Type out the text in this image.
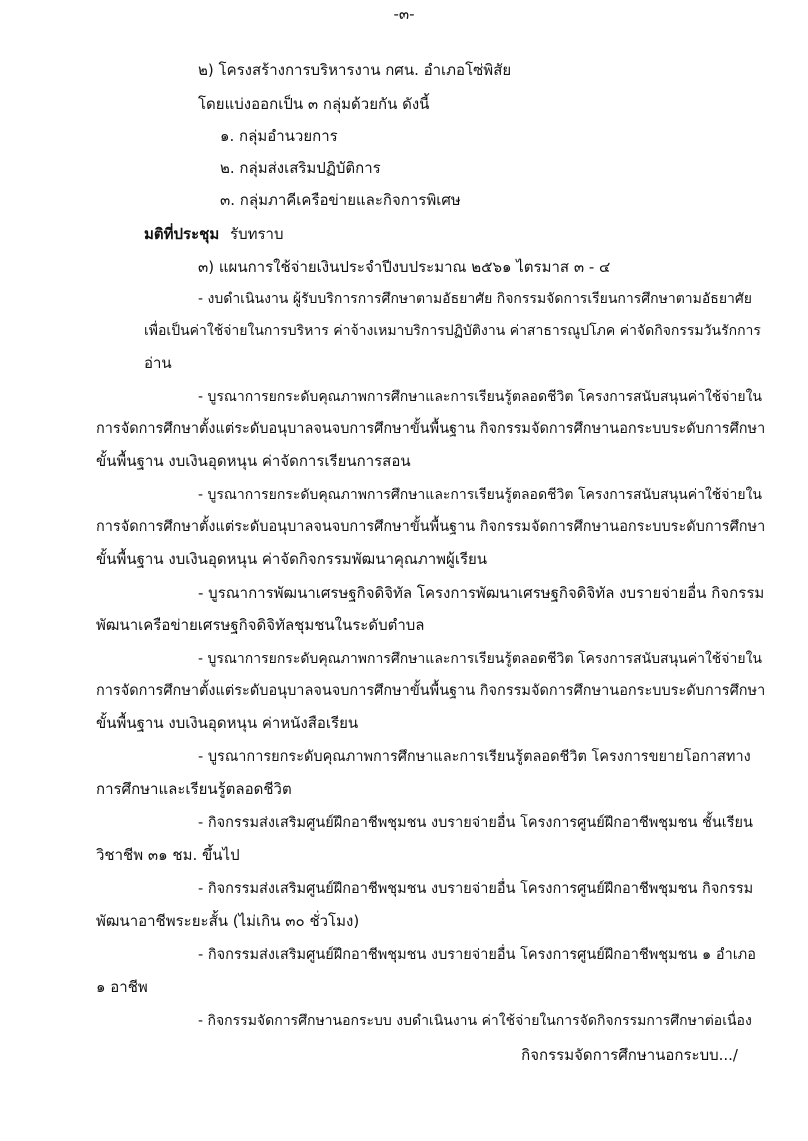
-๓-
๒) โครงสร้างการบริหารงาน กศน. อำเภอโซ่พิสัย
โดยแบ่งออกเป็น ๓ กลุ่มด้วยกัน ดังนี้
๑. กลุ่มอำนวยการ
๒. กลุ่มส่งเสริมปฏิบัติการ
๓. กลุ่มภาคีเครือข่ายและกิจการพิเศษ
มติที่ประชุม รับทราบ
๓) แผนการใช้จ่ายเงินประจำปีงบประมาณ ๒๕๖๑ ไตรมาส ๓ - ๔
- งบดำเนินงาน ผู้รับบริการการศึกษาตามอัธยาศัย กิจกรรมจัดการเรียนการศึกษาตามอัธยาศัย
เพื่อเป็นค่าใช้จ่ายในการบริหาร ค่าจ้างเหมาบริการปฏิบัติงาน ค่าสาธารณูปโภค ค่าจัดกิจกรรมวันรักการ
อ่าน
- บูรณาการยกระดับคุณภาพการศึกษาและการเรียนรู้ตลอดชีวิต โครงการสนับสนุนค่าใช้จ่ายใน
การจัดการศึกษาตั้งแต่ระดับอนุบาลจนจบการศึกษาขั้นพื้นฐาน กิจกรรมจัดการศึกษานอกระบบระดับการศึกษา
ขั้นพื้นฐาน งบเงินอุดหนุน ค่าจัดการเรียนการสอน
- บูรณาการยกระดับคุณภาพการศึกษาและการเรียนรู้ตลอดชีวิต โครงการสนับสนุนค่าใช้จ่ายใน
การจัดการศึกษาตั้งแต่ระดับอนุบาลจนจบการศึกษาขั้นพื้นฐาน กิจกรรมจัดการศึกษานอกระบบระดับการศึกษา
ขั้นพื้นฐาน งบเงินอุดหนุน ค่าจัดกิจกรรมพัฒนาคุณภาพผู้เรียน
- บูรณาการพัฒนาเศรษฐกิจดิจิทัล โครงการพัฒนาเศรษฐกิจดิจิทัล งบรายจ่ายอื่น กิจกรรม
พัฒนาเครือข่ายเศรษฐกิจดิจิทัลชุมชนในระดับตำบล
- บูรณาการยกระดับคุณภาพการศึกษาและการเรียนรู้ตลอดชีวิต โครงการสนับสนุนค่าใช้จ่ายใน
การจัดการศึกษาตั้งแต่ระดับอนุบาลจนจบการศึกษาขั้นพื้นฐาน กิจกรรมจัดการศึกษานอกระบบระดับการศึกษา
ขั้นพื้นฐาน งบเงินอุดหนุน ค่าหนังสือเรียน
- บูรณาการยกระดับคุณภาพการศึกษาและการเรียนรู้ตลอดชีวิต โครงการขยายโอกาสทาง
การศึกษาและเรียนรู้ตลอดชีวิต
- กิจกรรมส่งเสริมศูนย์ฝึกอาชีพชุมชน งบรายจ่ายอื่น โครงการศูนย์ฝึกอาชีพชุมชน ชั้นเรียน
วิชาชีพ ๓๑ ชม. ขึ้นไป
- กิจกรรมส่งเสริมศูนย์ฝึกอาชีพชุมชน งบรายจ่ายอื่น โครงการศูนย์ฝึกอาชีพชุมชน กิจกรรม
พัฒนาอาชีพระยะสั้น (ไม่เกิน ๓๐ ชั่วโมง)
- กิจกรรมส่งเสริมศูนย์ฝึกอาชีพชุมชน งบรายจ่ายอื่น โครงการศูนย์ฝึกอาชีพชุมชน ๑ อำเภอ
๑ อาชีพ
- กิจกรรมจัดการศึกษานอกระบบ งบดำเนินงาน ค่าใช้จ่ายในการจัดกิจกรรมการศึกษาต่อเนื่อง
กิจกรรมจัดการศึกษานอกระบบ.../
